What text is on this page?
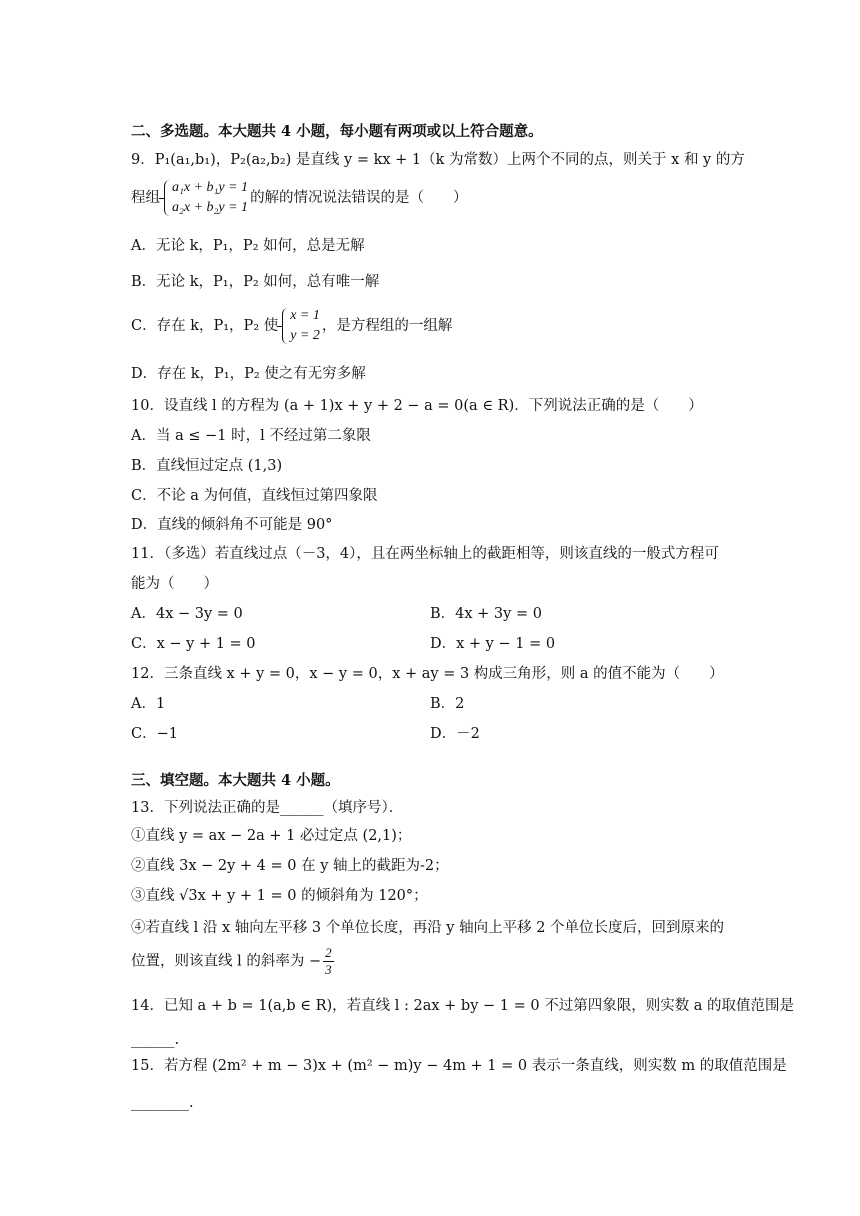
二、多选题。本大题共 4 小题，每小题有两项或以上符合题意。
9．P₁(a₁,b₁)，P₂(a₂,b₂) 是直线 y = kx + 1（k 为常数）上两个不同的点，则关于 x 和 y 的方
程组
a₁x + b₁y = 1
a₂x + b₂y = 1
的解的情况说法错误的是（　　）
A．无论 k，P₁，P₂ 如何，总是无解
B．无论 k，P₁，P₂ 如何，总有唯一解
C．存在 k，P₁，P₂ 使
x = 1
y = 2
，是方程组的一组解
D．存在 k，P₁，P₂ 使之有无穷多解
10．设直线 l 的方程为 (a + 1)x + y + 2 − a = 0(a ∈ R)．下列说法正确的是（　　）
A．当 a ≤ −1 时，l 不经过第二象限
B．直线恒过定点 (1,3)
C．不论 a 为何值，直线恒过第四象限
D．直线的倾斜角不可能是 90°
11．（多选）若直线过点（－3，4），且在两坐标轴上的截距相等，则该直线的一般式方程可
能为（　　）
A．4x − 3y = 0	B．4x + 3y = 0
C．x − y + 1 = 0	D．x + y − 1 = 0
12．三条直线 x + y = 0，x − y = 0，x + ay = 3 构成三角形，则 a 的值不能为（　　）
A．1	B．2
C．−1	D．－2
三、填空题。本大题共 4 小题。
13．下列说法正确的是______（填序号）．
①直线 y = ax − 2a + 1 必过定点 (2,1)；
②直线 3x − 2y + 4 = 0 在 y 轴上的截距为-2；
③直线 √3x + y + 1 = 0 的倾斜角为 120°；
④若直线 l 沿 x 轴向左平移 3 个单位长度，再沿 y 轴向上平移 2 个单位长度后，回到原来的
位置，则该直线 l 的斜率为 − $\frac{2}{3}$
14．已知 a + b = 1(a,b ∈ R)，若直线 l : 2ax + by − 1 = 0 不过第四象限，则实数 a 的取值范围是
______.
15．若方程 (2m² + m − 3)x + (m² − m)y − 4m + 1 = 0 表示一条直线，则实数 m 的取值范围是
________.
